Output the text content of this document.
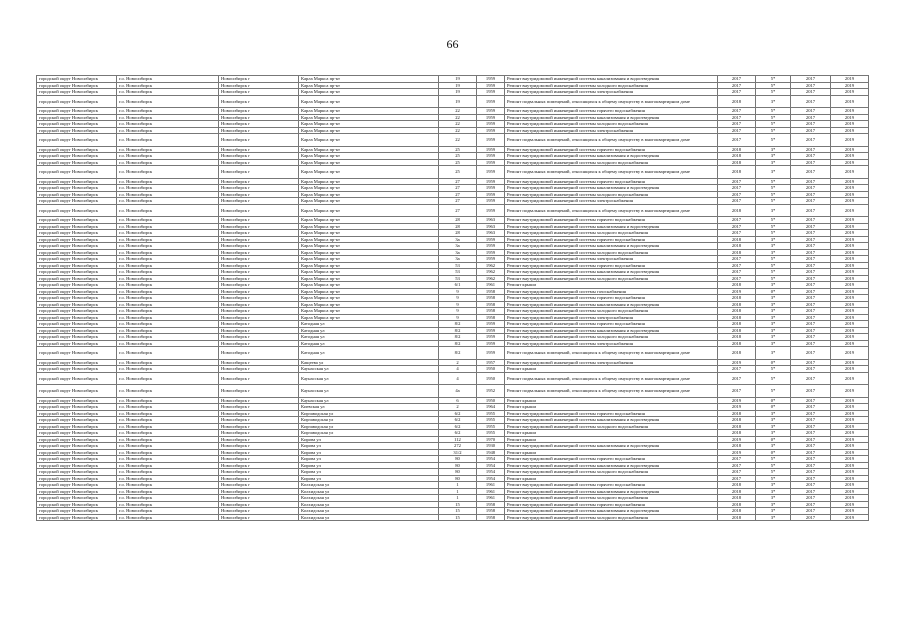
66
городской округ Новосибирск	г.о. Новосибирск	Новосибирск г	Карла Маркса пр-кт	19	1959	Ремонт внутридомовой инженерной системы канализования и водоотведения	2017	5*	2017	2019
городской округ Новосибирск	г.о. Новосибирск	Новосибирск г	Карла Маркса пр-кт	19	1959	Ремонт внутридомовой инженерной системы холодного водоснабжения	2017	5*	2017	2019
городской округ Новосибирск	г.о. Новосибирск	Новосибирск г	Карла Маркса пр-кт	19	1959	Ремонт внутридомовой инженерной системы электроснабжения	2017	5*	2017	2019
городской округ Новосибирск	г.о. Новосибирск	Новосибирск г	Карла Маркса пр-кт	19	1959	Ремонт подвальных помещений, относящихся к общему имуществу в многоквартирном доме	2018	3*	2017	2019
городской округ Новосибирск	г.о. Новосибирск	Новосибирск г	Карла Маркса пр-кт	22	1959	Ремонт внутридомовой инженерной системы горячего водоснабжения	2017	5*	2017	2019
городской округ Новосибирск	г.о. Новосибирск	Новосибирск г	Карла Маркса пр-кт	22	1959	Ремонт внутридомовой инженерной системы канализования и водоотведения	2017	5*	2017	2019
городской округ Новосибирск	г.о. Новосибирск	Новосибирск г	Карла Маркса пр-кт	22	1959	Ремонт внутридомовой инженерной системы холодного водоснабжения	2017	5*	2017	2019
городской округ Новосибирск	г.о. Новосибирск	Новосибирск г	Карла Маркса пр-кт	22	1959	Ремонт внутридомовой инженерной системы электроснабжения	2017	5*	2017	2019
городской округ Новосибирск	г.о. Новосибирск	Новосибирск г	Карла Маркса пр-кт	22	1959	Ремонт подвальных помещений, относящихся к общему имуществу в многоквартирном доме	2017	5*	2017	2019
городской округ Новосибирск	г.о. Новосибирск	Новосибирск г	Карла Маркса пр-кт	25	1959	Ремонт внутридомовой инженерной системы горячего водоснабжения	2018	3*	2017	2019
городской округ Новосибирск	г.о. Новосибирск	Новосибирск г	Карла Маркса пр-кт	25	1959	Ремонт внутридомовой инженерной системы канализования и водоотведения	2018	3*	2017	2019
городской округ Новосибирск	г.о. Новосибирск	Новосибирск г	Карла Маркса пр-кт	25	1959	Ремонт внутридомовой инженерной системы холодного водоснабжения	2018	3*	2017	2019
городской округ Новосибирск	г.о. Новосибирск	Новосибирск г	Карла Маркса пр-кт	25	1959	Ремонт подвальных помещений, относящихся к общему имуществу в многоквартирном доме	2018	3*	2017	2019
городской округ Новосибирск	г.о. Новосибирск	Новосибирск г	Карла Маркса пр-кт	27	1959	Ремонт внутридомовой инженерной системы горячего водоснабжения	2017	5*	2017	2019
городской округ Новосибирск	г.о. Новосибирск	Новосибирск г	Карла Маркса пр-кт	27	1959	Ремонт внутридомовой инженерной системы канализования и водоотведения	2017	5*	2017	2019
городской округ Новосибирск	г.о. Новосибирск	Новосибирск г	Карла Маркса пр-кт	27	1959	Ремонт внутридомовой инженерной системы холодного водоснабжения	2017	5*	2017	2019
городской округ Новосибирск	г.о. Новосибирск	Новосибирск г	Карла Маркса пр-кт	27	1959	Ремонт внутридомовой инженерной системы электроснабжения	2017	5*	2017	2019
городской округ Новосибирск	г.о. Новосибирск	Новосибирск г	Карла Маркса пр-кт	27	1959	Ремонт подвальных помещений, относящихся к общему имуществу в многоквартирном доме	2018	3*	2017	2019
городской округ Новосибирск	г.о. Новосибирск	Новосибирск г	Карла Маркса пр-кт	28	1963	Ремонт внутридомовой инженерной системы горячего водоснабжения	2017	5*	2017	2019
городской округ Новосибирск	г.о. Новосибирск	Новосибирск г	Карла Маркса пр-кт	28	1963	Ремонт внутридомовой инженерной системы канализования и водоотведения	2017	5*	2017	2019
городской округ Новосибирск	г.о. Новосибирск	Новосибирск г	Карла Маркса пр-кт	28	1963	Ремонт внутридомовой инженерной системы холодного водоснабжения	2017	5*	2017	2019
городской округ Новосибирск	г.о. Новосибирск	Новосибирск г	Карла Маркса пр-кт	3а	1959	Ремонт внутридомовой инженерной системы горячего водоснабжения	2018	3*	2017	2019
городской округ Новосибирск	г.о. Новосибирск	Новосибирск г	Карла Маркса пр-кт	3а	1959	Ремонт внутридомовой инженерной системы канализования и водоотведения	2018	3*	2017	2019
городской округ Новосибирск	г.о. Новосибирск	Новосибирск г	Карла Маркса пр-кт	3а	1959	Ремонт внутридомовой инженерной системы холодного водоснабжения	2018	3*	2017	2019
городской округ Новосибирск	г.о. Новосибирск	Новосибирск г	Карла Маркса пр-кт	3а	1959	Ремонт внутридомовой инженерной системы электроснабжения	2017	5*	2017	2019
городской округ Новосибирск	г.о. Новосибирск	Новосибирск г	Карла Маркса пр-кт	53	1962	Ремонт внутридомовой инженерной системы горячего водоснабжения	2017	5*	2017	2019
городской округ Новосибирск	г.о. Новосибирск	Новосибирск г	Карла Маркса пр-кт	53	1962	Ремонт внутридомовой инженерной системы канализования и водоотведения	2017	5*	2017	2019
городской округ Новосибирск	г.о. Новосибирск	Новосибирск г	Карла Маркса пр-кт	53	1962	Ремонт внутридомовой инженерной системы холодного водоснабжения	2017	5*	2017	2019
городской округ Новосибирск	г.о. Новосибирск	Новосибирск г	Карла Маркса пр-кт	6/1	1961	Ремонт крыши	2018	3*	2017	2019
городской округ Новосибирск	г.о. Новосибирск	Новосибирск г	Карла Маркса пр-кт	9	1958	Ремонт внутридомовой инженерной системы газоснабжения	2019	0*	2017	2019
городской округ Новосибирск	г.о. Новосибирск	Новосибирск г	Карла Маркса пр-кт	9	1958	Ремонт внутридомовой инженерной системы горячего водоснабжения	2018	3*	2017	2019
городской округ Новосибирск	г.о. Новосибирск	Новосибирск г	Карла Маркса пр-кт	9	1958	Ремонт внутридомовой инженерной системы канализования и водоотведения	2018	3*	2017	2019
городской округ Новосибирск	г.о. Новосибирск	Новосибирск г	Карла Маркса пр-кт	9	1958	Ремонт внутридомовой инженерной системы холодного водоснабжения	2018	3*	2017	2019
городской округ Новосибирск	г.о. Новосибирск	Новосибирск г	Карла Маркса пр-кт	9	1958	Ремонт внутридомовой инженерной системы электроснабжения	2018	3*	2017	2019
городской округ Новосибирск	г.о. Новосибирск	Новосибирск г	Катодная ул	8/2	1959	Ремонт внутридомовой инженерной системы горячего водоснабжения	2018	3*	2017	2019
городской округ Новосибирск	г.о. Новосибирск	Новосибирск г	Катодная ул	8/2	1959	Ремонт внутридомовой инженерной системы канализования и водоотведения	2018	3*	2017	2019
городской округ Новосибирск	г.о. Новосибирск	Новосибирск г	Катодная ул	8/2	1959	Ремонт внутридомовой инженерной системы холодного водоснабжения	2018	3*	2017	2019
городской округ Новосибирск	г.о. Новосибирск	Новосибирск г	Катодная ул	8/2	1959	Ремонт внутридомовой инженерной системы электроснабжения	2018	3*	2017	2019
городской округ Новосибирск	г.о. Новосибирск	Новосибирск г	Катодная ул	8/2	1959	Ремонт подвальных помещений, относящихся к общему имуществу в многоквартирном доме	2018	3*	2017	2019
городской округ Новосибирск	г.о. Новосибирск	Новосибирск г	Кащеева ул	2	1957	Ремонт внутридомовой инженерной системы электроснабжения	2019	0*	2017	2019
городской округ Новосибирск	г.о. Новосибирск	Новосибирск г	Каунасская ул	4	1950	Ремонт крыши	2017	5*	2017	2019
городской округ Новосибирск	г.о. Новосибирск	Новосибирск г	Каунасская ул	4	1950	Ремонт подвальных помещений, относящихся к общему имуществу в многоквартирном доме	2017	5*	2017	2019
городской округ Новосибирск	г.о. Новосибирск	Новосибирск г	Каунасская ул	4а	1952	Ремонт подвальных помещений, относящихся к общему имуществу в многоквартирном доме	2017	5*	2017	2019
городской округ Новосибирск	г.о. Новосибирск	Новосибирск г	Каунасская ул	6	1950	Ремонт крыши	2019	0*	2017	2019
городской округ Новосибирск	г.о. Новосибирск	Новосибирск г	Киевская ул	2	1964	Ремонт крыши	2019	0*	2017	2019
городской округ Новосибирск	г.о. Новосибирск	Новосибирск г	Кирзаводская ул	6/2	1955	Ремонт внутридомовой инженерной системы горячего водоснабжения	2018	3*	2017	2019
городской округ Новосибирск	г.о. Новосибирск	Новосибирск г	Кирзаводская ул	6/2	1955	Ремонт внутридомовой инженерной системы канализования и водоотведения	2018	3*	2017	2019
городской округ Новосибирск	г.о. Новосибирск	Новосибирск г	Кирзаводская ул	6/2	1955	Ремонт внутридомовой инженерной системы холодного водоснабжения	2018	3*	2017	2019
городской округ Новосибирск	г.о. Новосибирск	Новосибирск г	Кирзаводская ул	6/2	1955	Ремонт крыши	2018	3*	2017	2019
городской округ Новосибирск	г.о. Новосибирск	Новосибирск г	Кирова ул	112	1970	Ремонт крыши	2019	0*	2017	2019
городской округ Новосибирск	г.о. Новосибирск	Новосибирск г	Кирова ул	272	1930	Ремонт внутридомовой инженерной системы канализования и водоотведения	2018	3*	2017	2019
городской округ Новосибирск	г.о. Новосибирск	Новосибирск г	Кирова ул	31/2	1948	Ремонт крыши	2019	0*	2017	2019
городской округ Новосибирск	г.о. Новосибирск	Новосибирск г	Кирова ул	80	1954	Ремонт внутридомовой инженерной системы горячего водоснабжения	2017	5*	2017	2019
городской округ Новосибирск	г.о. Новосибирск	Новосибирск г	Кирова ул	80	1954	Ремонт внутридомовой инженерной системы канализования и водоотведения	2017	5*	2017	2019
городской округ Новосибирск	г.о. Новосибирск	Новосибирск г	Кирова ул	80	1954	Ремонт внутридомовой инженерной системы холодного водоснабжения	2017	5*	2017	2019
городской округ Новосибирск	г.о. Новосибирск	Новосибирск г	Кирова ул	80	1954	Ремонт крыши	2017	5*	2017	2019
городской округ Новосибирск	г.о. Новосибирск	Новосибирск г	Колхидская ул	1	1961	Ремонт внутридомовой инженерной системы горячего водоснабжения	2018	3*	2017	2019
городской округ Новосибирск	г.о. Новосибирск	Новосибирск г	Колхидская ул	1	1961	Ремонт внутридомовой инженерной системы канализования и водоотведения	2018	3*	2017	2019
городской округ Новосибирск	г.о. Новосибирск	Новосибирск г	Колхидская ул	1	1961	Ремонт внутридомовой инженерной системы холодного водоснабжения	2018	3*	2017	2019
городской округ Новосибирск	г.о. Новосибирск	Новосибирск г	Колхидская ул	15	1958	Ремонт внутридомовой инженерной системы горячего водоснабжения	2018	3*	2017	2019
городской округ Новосибирск	г.о. Новосибирск	Новосибирск г	Колхидская ул	15	1958	Ремонт внутридомовой инженерной системы канализования и водоотведения	2018	3*	2017	2019
городской округ Новосибирск	г.о. Новосибирск	Новосибирск г	Колхидская ул	15	1958	Ремонт внутридомовой инженерной системы холодного водоснабжения	2018	3*	2017	2019
